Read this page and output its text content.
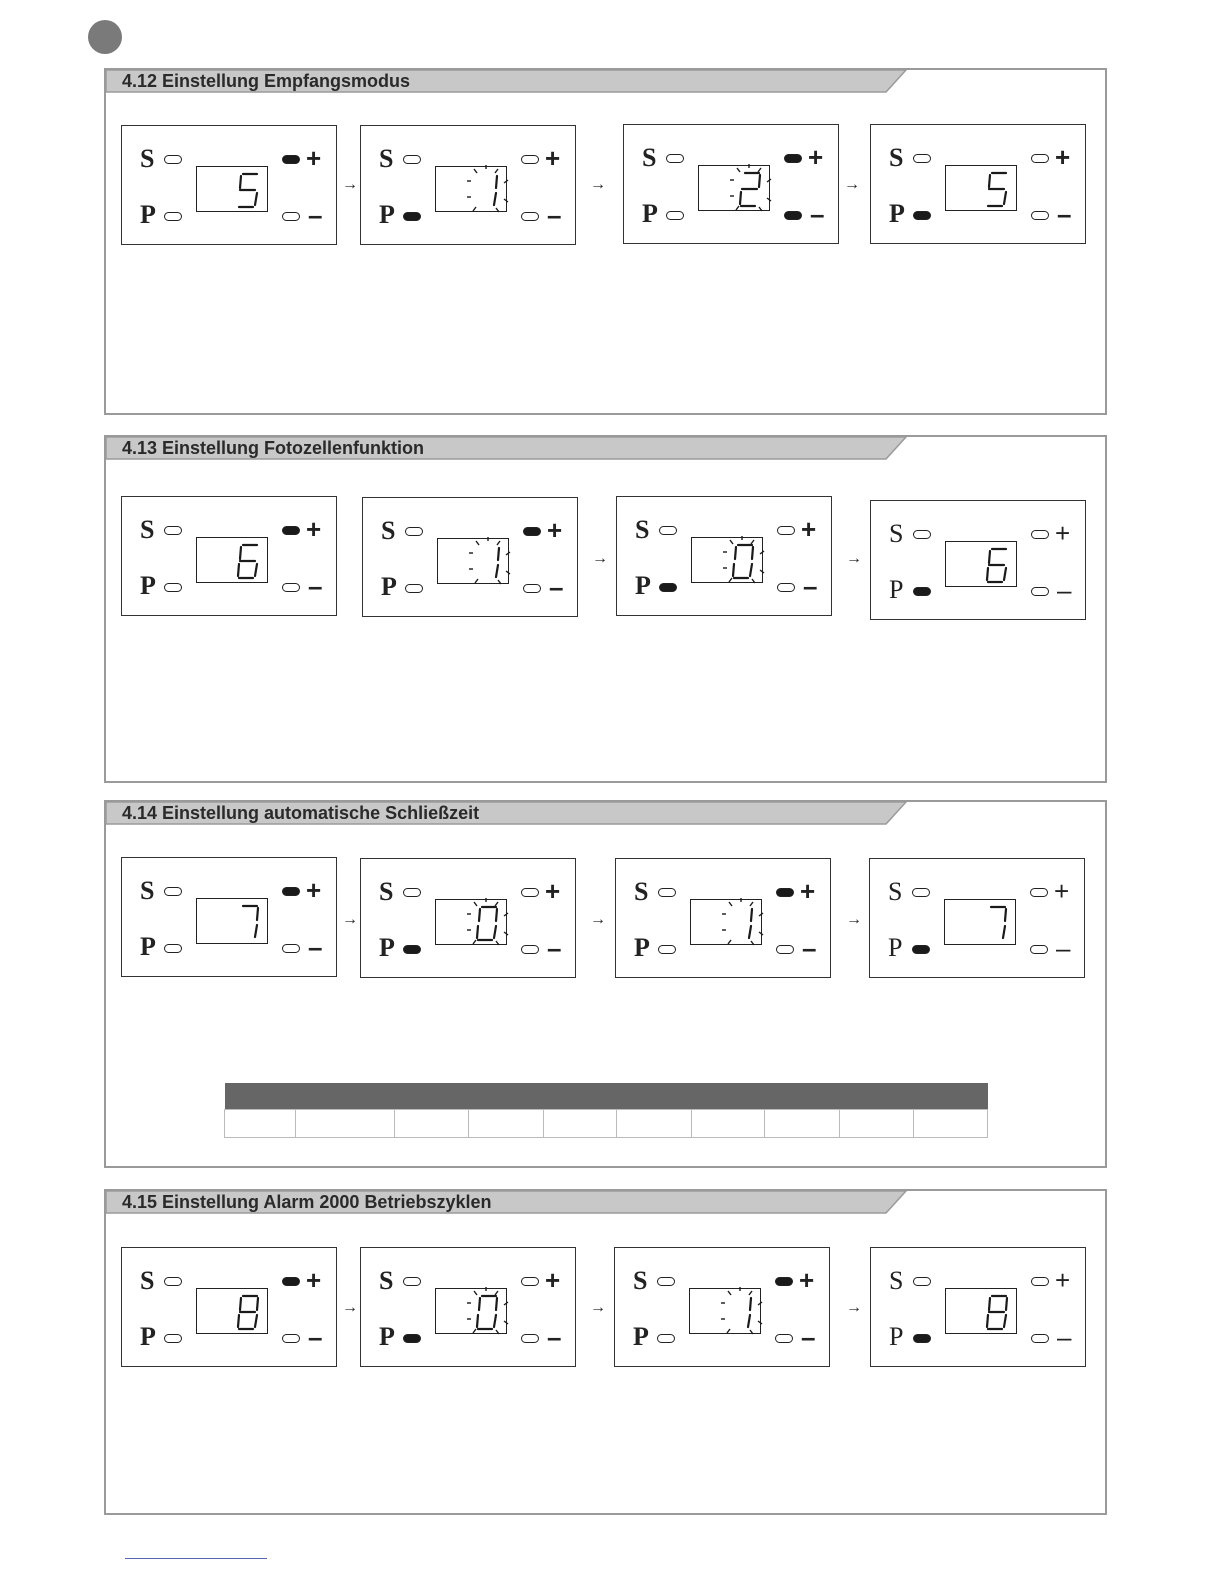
4.12 Einstellung Empfangsmodus
S
P
+
–
→
S
P
+
–
→
S
P
+
–
→
S
P
+
–
4.13 Einstellung Fotozellenfunktion
S
P
+
–
S
P
+
–
→
S
P
+
–
→
S
P
+
–
4.14 Einstellung automatische Schließzeit
S
P
+
–
→
S
P
+
–
→
S
P
+
–
→
S
P
+
–

4.15 Einstellung Alarm 2000 Betriebszyklen
S
P
+
–
→
S
P
+
–
→
S
P
+
–
→
S
P
+
–
